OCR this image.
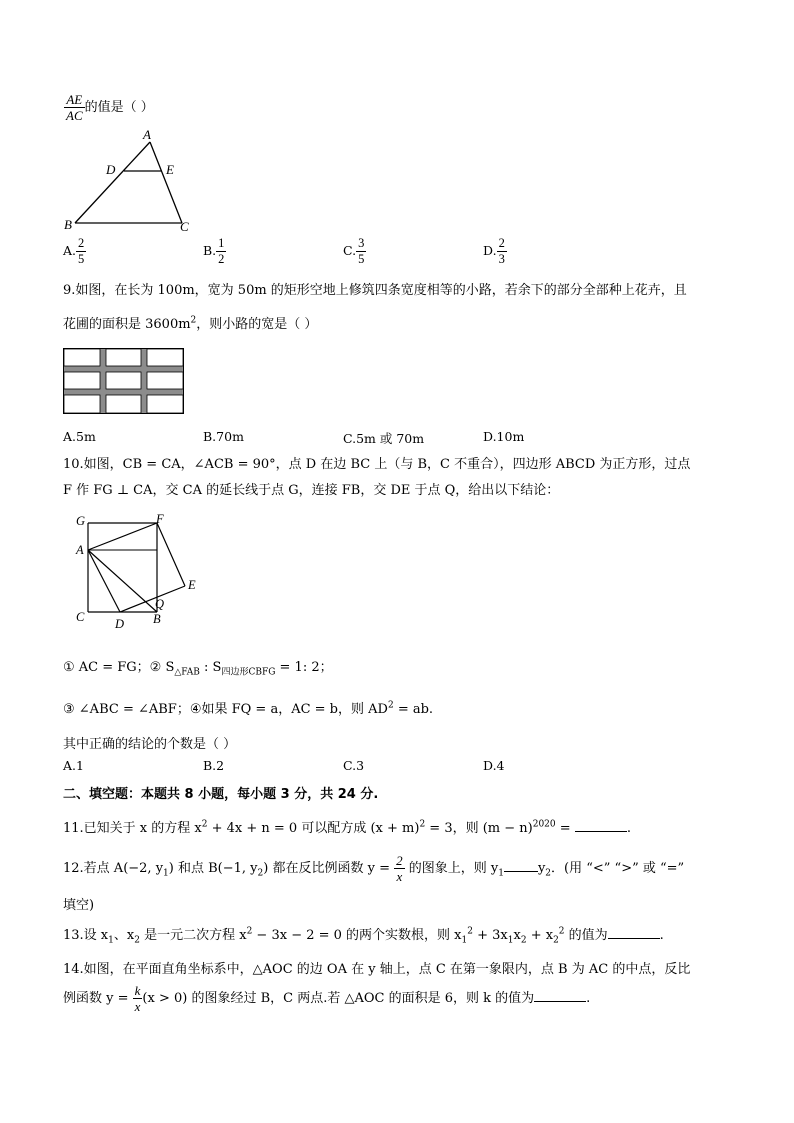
$\frac{AE}{AC}$ 的值是（ ）
A
D	E
B	C
A. $\frac{2}{5}$	B. $\frac{1}{2}$	C. $\frac{3}{5}$	D. $\frac{2}{3}$
9.如图，在长为 100m，宽为 50m 的矩形空地上修筑四条宽度相等的小路，若余下的部分全部种上花卉，且
花圃的面积是 $3600m^2$，则小路的宽是（ ）
A.5m	B.70m	C.5m 或 70m	D.10m
10.如图，CB = CA，∠ACB = 90°，点 D 在边 BC 上（与 B，C 不重合），四边形 ABCD 为正方形，过点
F 作 FG ⊥ CA，交 CA 的延长线于点 G，连接 FB，交 DE 于点 Q，给出以下结论：
G	F
A
E
C D B
Q
① AC = FG；② $S_{\triangle FAB}$ : $S_{四边形CBFG} = 1$: 2；
③ ∠ABC = ∠ABF；④如果 FQ = a，AC = b，则 $AD^2$ = ab.
其中正确的结论的个数是（ ）
A.1	B.2	C.3	D.4
二、填空题：本题共 8 小题，每小题 3 分，共 24 分.
11.已知关于 x 的方程 $x^2 + 4x + n = 0$ 可以配方成 $(x + m)^2 = 3$，则 $(m - n)^{2020}$ =	.
12.若点 A(−2, $y_1$) 和点 B(−1, $y_2$) 都在反比例函数 $y = \frac{2}{x}$ 的图象上，则 $y_1$	$y_2$．(用 “<” “>” 或 “=”
填空)
13.设 $x_1$、$x_2$ 是一元二次方程 $x^2 - 3x - 2 = 0$ 的两个实数根，则 $x_1^2 + 3x_1x_2 + x_2^2$ 的值为	.
14.如图，在平面直角坐标系中，△AOC 的边 OA 在 y 轴上，点 C 在第一象限内，点 B 为 AC 的中点，反比
例函数 $y = \frac{k}{x} (x > 0)$ 的图象经过 B，C 两点.若 △AOC 的面积是 6，则 k 的值为	.
